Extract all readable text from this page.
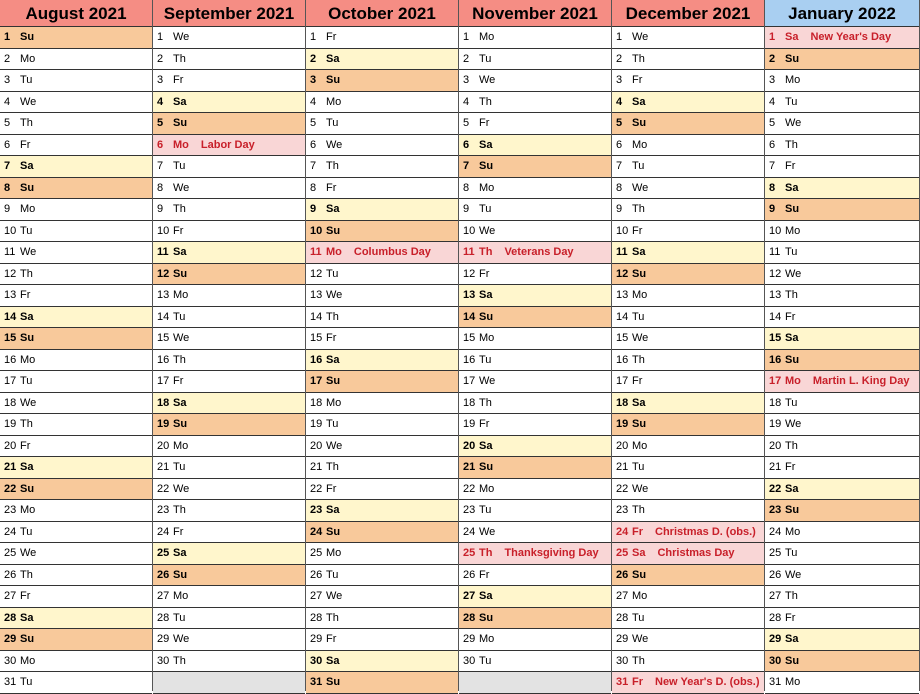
August 2021
1 Su
2 Mo
3 Tu
4 We
5 Th
6 Fr
7 Sa
8 Su
9 Mo
10 Tu
11 We
12 Th
13 Fr
14 Sa
15 Su
16 Mo
17 Tu
18 We
19 Th
20 Fr
21 Sa
22 Su
23 Mo
24 Tu
25 We
26 Th
27 Fr
28 Sa
29 Su
30 Mo
31 Tu
September 2021
1 We
2 Th
3 Fr
4 Sa
5 Su
6 Mo Labor Day
7 Tu
8 We
9 Th
10 Fr
11 Sa
12 Su
13 Mo
14 Tu
15 We
16 Th
17 Fr
18 Sa
19 Su
20 Mo
21 Tu
22 We
23 Th
24 Fr
25 Sa
26 Su
27 Mo
28 Tu
29 We
30 Th
October 2021
1 Fr
2 Sa
3 Su
4 Mo
5 Tu
6 We
7 Th
8 Fr
9 Sa
10 Su
11 Mo Columbus Day
12 Tu
13 We
14 Th
15 Fr
16 Sa
17 Su
18 Mo
19 Tu
20 We
21 Th
22 Fr
23 Sa
24 Su
25 Mo
26 Tu
27 We
28 Th
29 Fr
30 Sa
31 Su
November 2021
1 Mo
2 Tu
3 We
4 Th
5 Fr
6 Sa
7 Su
8 Mo
9 Tu
10 We
11 Th Veterans Day
12 Fr
13 Sa
14 Su
15 Mo
16 Tu
17 We
18 Th
19 Fr
20 Sa
21 Su
22 Mo
23 Tu
24 We
25 Th Thanksgiving Day
26 Fr
27 Sa
28 Su
29 Mo
30 Tu
December 2021
1 We
2 Th
3 Fr
4 Sa
5 Su
6 Mo
7 Tu
8 We
9 Th
10 Fr
11 Sa
12 Su
13 Mo
14 Tu
15 We
16 Th
17 Fr
18 Sa
19 Su
20 Mo
21 Tu
22 We
23 Th
24 Fr Christmas D. (obs.)
25 Sa Christmas Day
26 Su
27 Mo
28 Tu
29 We
30 Th
31 Fr New Year's D. (obs.)
January 2022
1 Sa New Year's Day
2 Su
3 Mo
4 Tu
5 We
6 Th
7 Fr
8 Sa
9 Su
10 Mo
11 Tu
12 We
13 Th
14 Fr
15 Sa
16 Su
17 Mo Martin L. King Day
18 Tu
19 We
20 Th
21 Fr
22 Sa
23 Su
24 Mo
25 Tu
26 We
27 Th
28 Fr
29 Sa
30 Su
31 Mo
